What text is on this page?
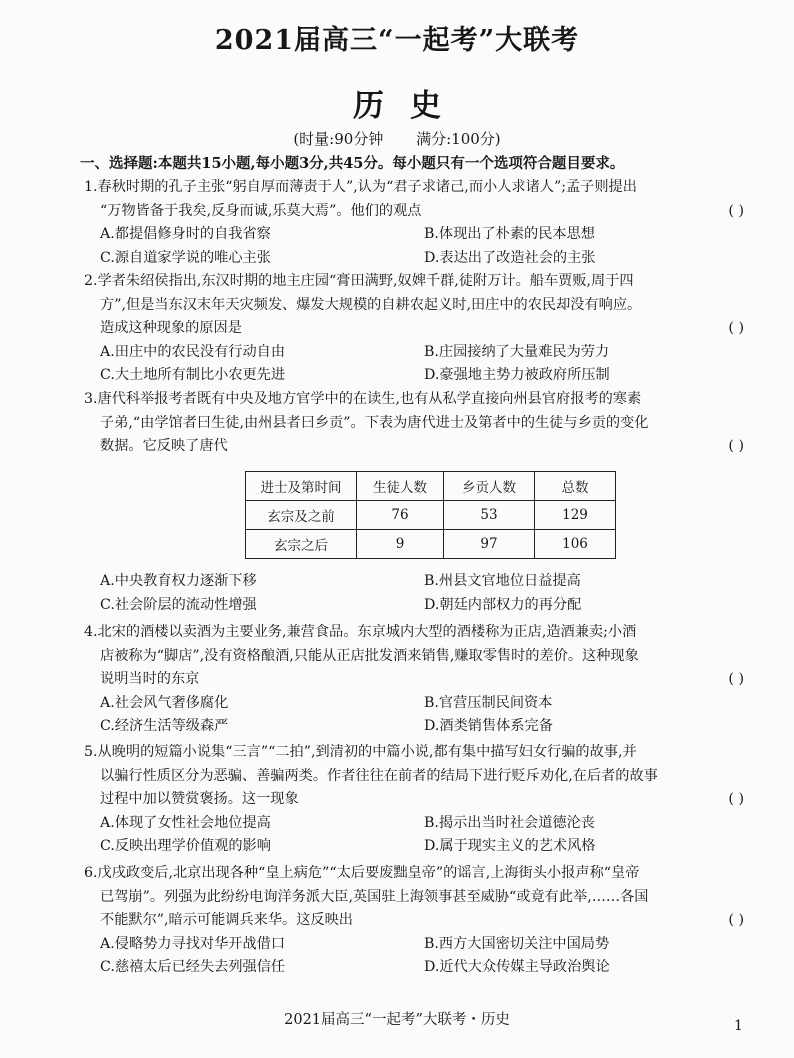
2021届高三“一起考”大联考
历史
(时量:90分钟 满分:100分)
一、选择题:本题共15小题,每小题3分,共45分。每小题只有一个选项符合题目要求。

1.春秋时期的孔子主张“躬自厚而薄责于人”,认为“君子求诸己,而小人求诸人”;孟子则提出

“万物皆备于我矣,反身而诚,乐莫大焉”。他们的观点	( )

A.都提倡修身时的自我省察	B.体现出了朴素的民本思想
C.源自道家学说的唯心主张	D.表达出了改造社会的主张

2.学者朱绍侯指出,东汉时期的地主庄园“膏田满野,奴婢千群,徒附万计。船车贾贩,周于四

方”,但是当东汉末年天灾频发、爆发大规模的自耕农起义时,田庄中的农民却没有响应。

造成这种现象的原因是	( )

A.田庄中的农民没有行动自由	B.庄园接纳了大量难民为劳力
C.大土地所有制比小农更先进	D.豪强地主势力被政府所压制

3.唐代科举报考者既有中央及地方官学中的在读生,也有从私学直接向州县官府报考的寒素

子弟,“由学馆者曰生徒,由州县者曰乡贡”。下表为唐代进士及第者中的生徒与乡贡的变化

数据。它反映了唐代	( )

进士及第时间	生徒人数	乡贡人数	总数
玄宗及之前	76	53	129
玄宗之后	9	97	106
A.中央教育权力逐渐下移	B.州县文官地位日益提高
C.社会阶层的流动性增强	D.朝廷内部权力的再分配

4.北宋的酒楼以卖酒为主要业务,兼营食品。东京城内大型的酒楼称为正店,造酒兼卖;小酒

店被称为“脚店”,没有资格酿酒,只能从正店批发酒来销售,赚取零售时的差价。这种现象

说明当时的东京	( )

A.社会风气奢侈腐化	B.官营压制民间资本
C.经济生活等级森严	D.酒类销售体系完备

5.从晚明的短篇小说集“三言”“二拍”,到清初的中篇小说,都有集中描写妇女行骗的故事,并

以骗行性质区分为恶骗、善骗两类。作者往往在前者的结局下进行贬斥劝化,在后者的故事

过程中加以赞赏褒扬。这一现象	( )

A.体现了女性社会地位提高	B.揭示出当时社会道德沦丧
C.反映出理学价值观的影响	D.属于现实主义的艺术风格

6.戊戌政变后,北京出现各种“皇上病危”“太后要废黜皇帝”的谣言,上海街头小报声称“皇帝

已驾崩”。列强为此纷纷电询洋务派大臣,英国驻上海领事甚至威胁“或竟有此举,……各国

不能默尔”,暗示可能调兵来华。这反映出	( )

A.侵略势力寻找对华开战借口	B.西方大国密切关注中国局势
C.慈禧太后已经失去列强信任	D.近代大众传媒主导政治舆论
2021届高三“一起考”大联考・历史	1
